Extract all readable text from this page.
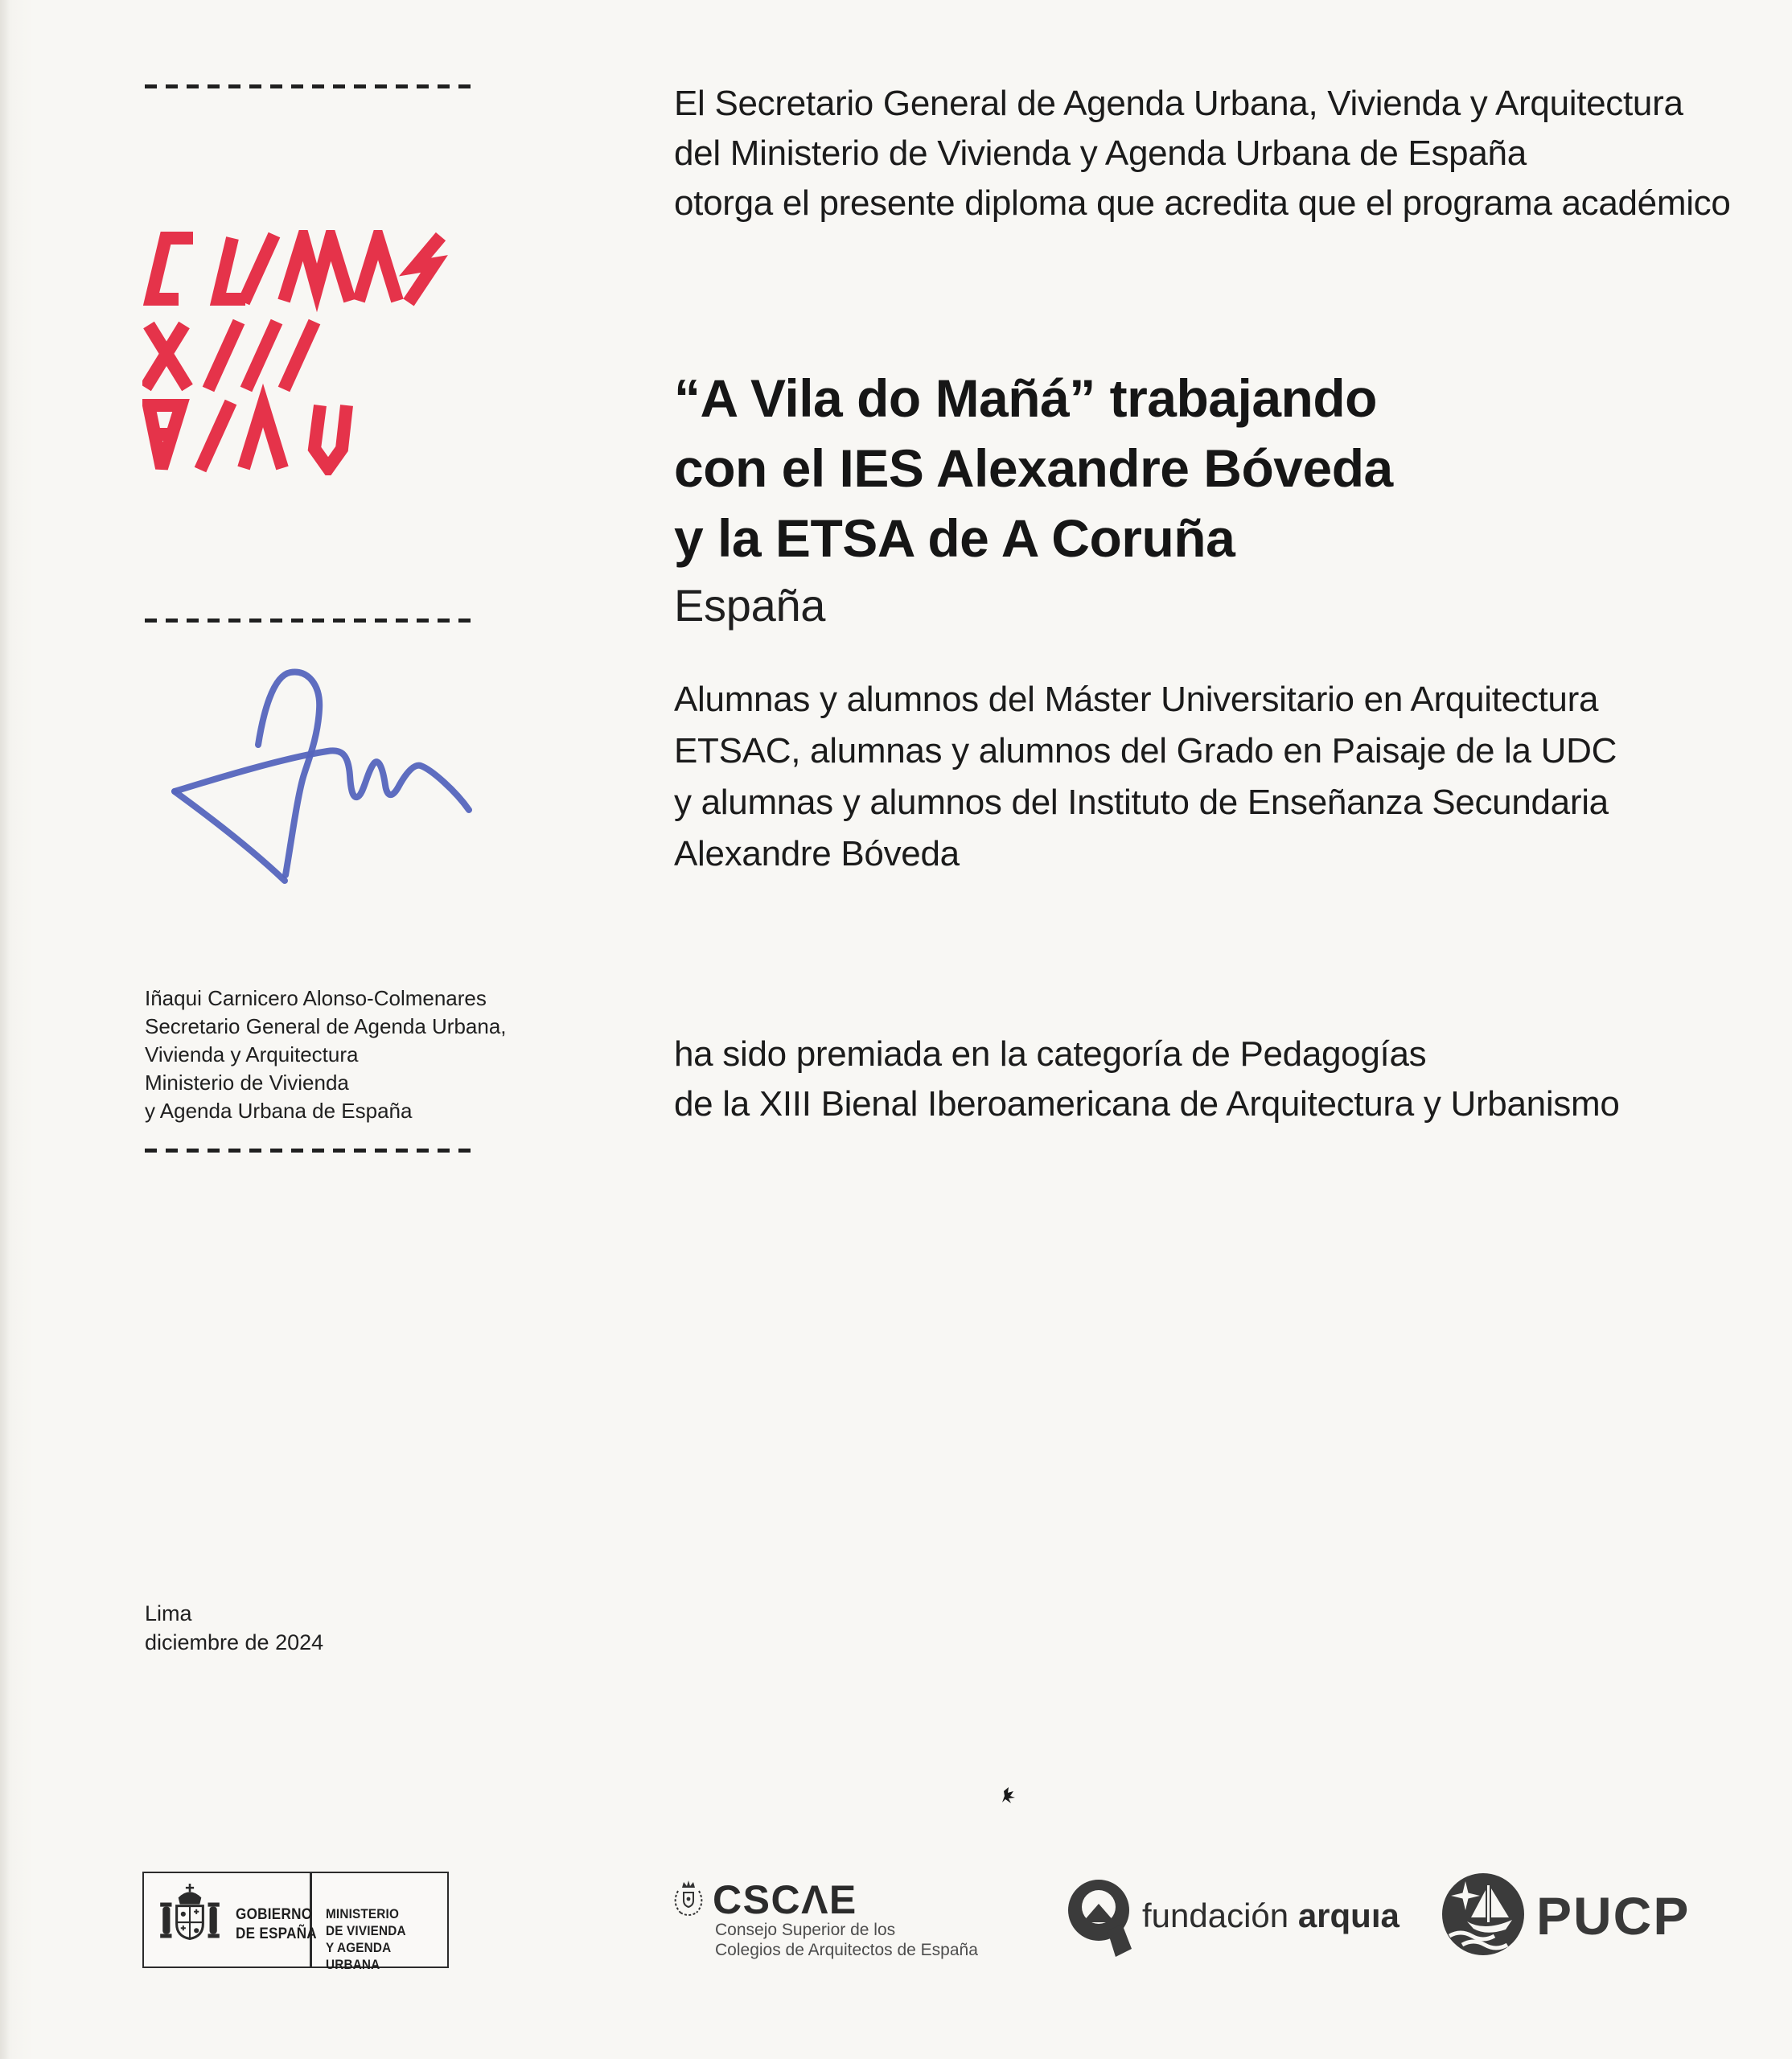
Iñaqui Carnicero Alonso-Colmenares
Secretario General de Agenda Urbana,
Vivienda y Arquitectura
Ministerio de Vivienda
y Agenda Urbana de España
Lima
diciembre de 2024
El Secretario General de Agenda Urbana, Vivienda y Arquitectura
del Ministerio de Vivienda y Agenda Urbana de España
otorga el presente diploma que acredita que el programa académico
“A Vila do Mañá” trabajando
con el IES Alexandre Bóveda
y la ETSA de A Coruña
España
Alumnas y alumnos del Máster Universitario en Arquitectura
ETSAC, alumnas y alumnos del Grado en Paisaje de la UDC
y alumnas y alumnos del Instituto de Enseñanza Secundaria
Alexandre Bóveda
ha sido premiada en la categoría de Pedagogías
de la XIII Bienal Iberoamericana de Arquitectura y Urbanismo
GOBIERNO
DE ESPAÑA
MINISTERIO
DE VIVIENDA
Y AGENDA URBANA
CSCΛE
Consejo Superior de los
Colegios de Arquitectos de España
fundación arquıa	PUCP
